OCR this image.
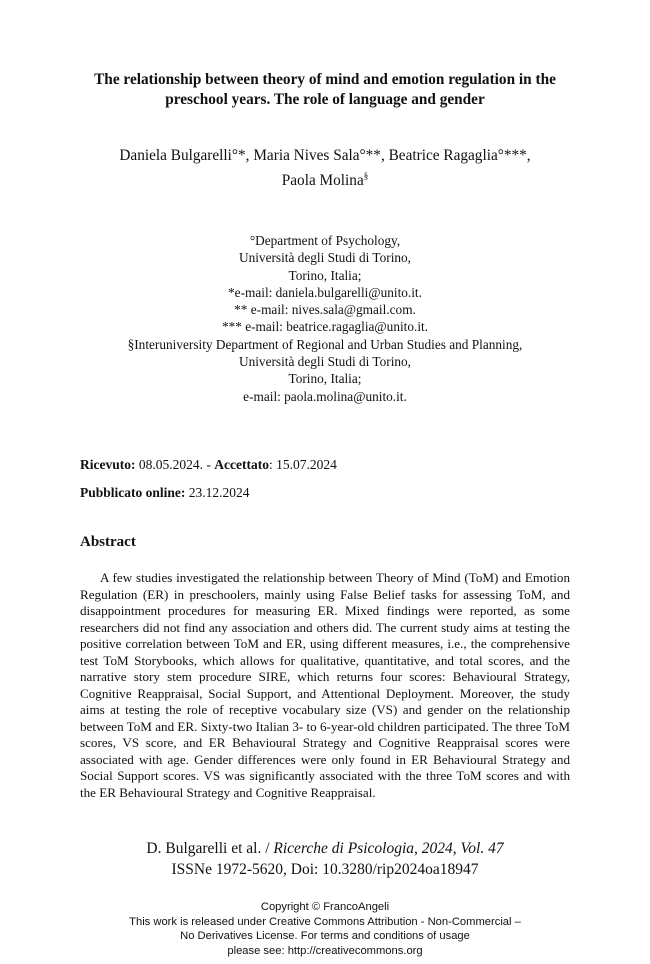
The relationship between theory of mind and emotion regulation in the
preschool years. The role of language and gender
Daniela Bulgarelli°*, Maria Nives Sala°**, Beatrice Ragaglia°***,
Paola Molina§
°Department of Psychology,
Università degli Studi di Torino,
Torino, Italia;
*e-mail: daniela.bulgarelli@unito.it.
** e-mail: nives.sala@gmail.com.
*** e-mail: beatrice.ragaglia@unito.it.
§Interuniversity Department of Regional and Urban Studies and Planning,
Università degli Studi di Torino,
Torino, Italia;
e-mail: paola.molina@unito.it.
Ricevuto: 08.05.2024. - Accettato: 15.07.2024
Pubblicato online: 23.12.2024
Abstract

A few studies investigated the relationship between Theory of Mind (ToM) and Emotion Regulation (ER) in preschoolers, mainly using False Belief tasks for assessing ToM, and disappointment procedures for measuring ER. Mixed findings were reported, as some researchers did not find any association and others did. The current study aims at testing the positive correlation between ToM and ER, using different measures, i.e., the comprehensive test ToM Storybooks, which allows for qualitative, quantitative, and total scores, and the narrative story stem procedure SIRE, which returns four scores: Behavioural Strategy, Cognitive Reappraisal, Social Support, and Attentional Deployment. Moreover, the study aims at testing the role of receptive vocabulary size (VS) and gender on the relationship between ToM and ER. Sixty-two Italian 3- to 6-year-old children participated. The three ToM scores, VS score, and ER Behavioural Strategy and Cognitive Reappraisal scores were associated with age. Gender differences were only found in ER Behavioural Strategy and Social Support scores. VS was significantly associated with the three ToM scores and with the ER Behavioural Strategy and Cognitive Reappraisal.

D. Bulgarelli et al. / Ricerche di Psicologia, 2024, Vol. 47
ISSNe 1972-5620, Doi: 10.3280/rip2024oa18947
Copyright © FrancoAngeli
This work is released under Creative Commons Attribution - Non-Commercial –
No Derivatives License. For terms and conditions of usage
please see: http://creativecommons.org
